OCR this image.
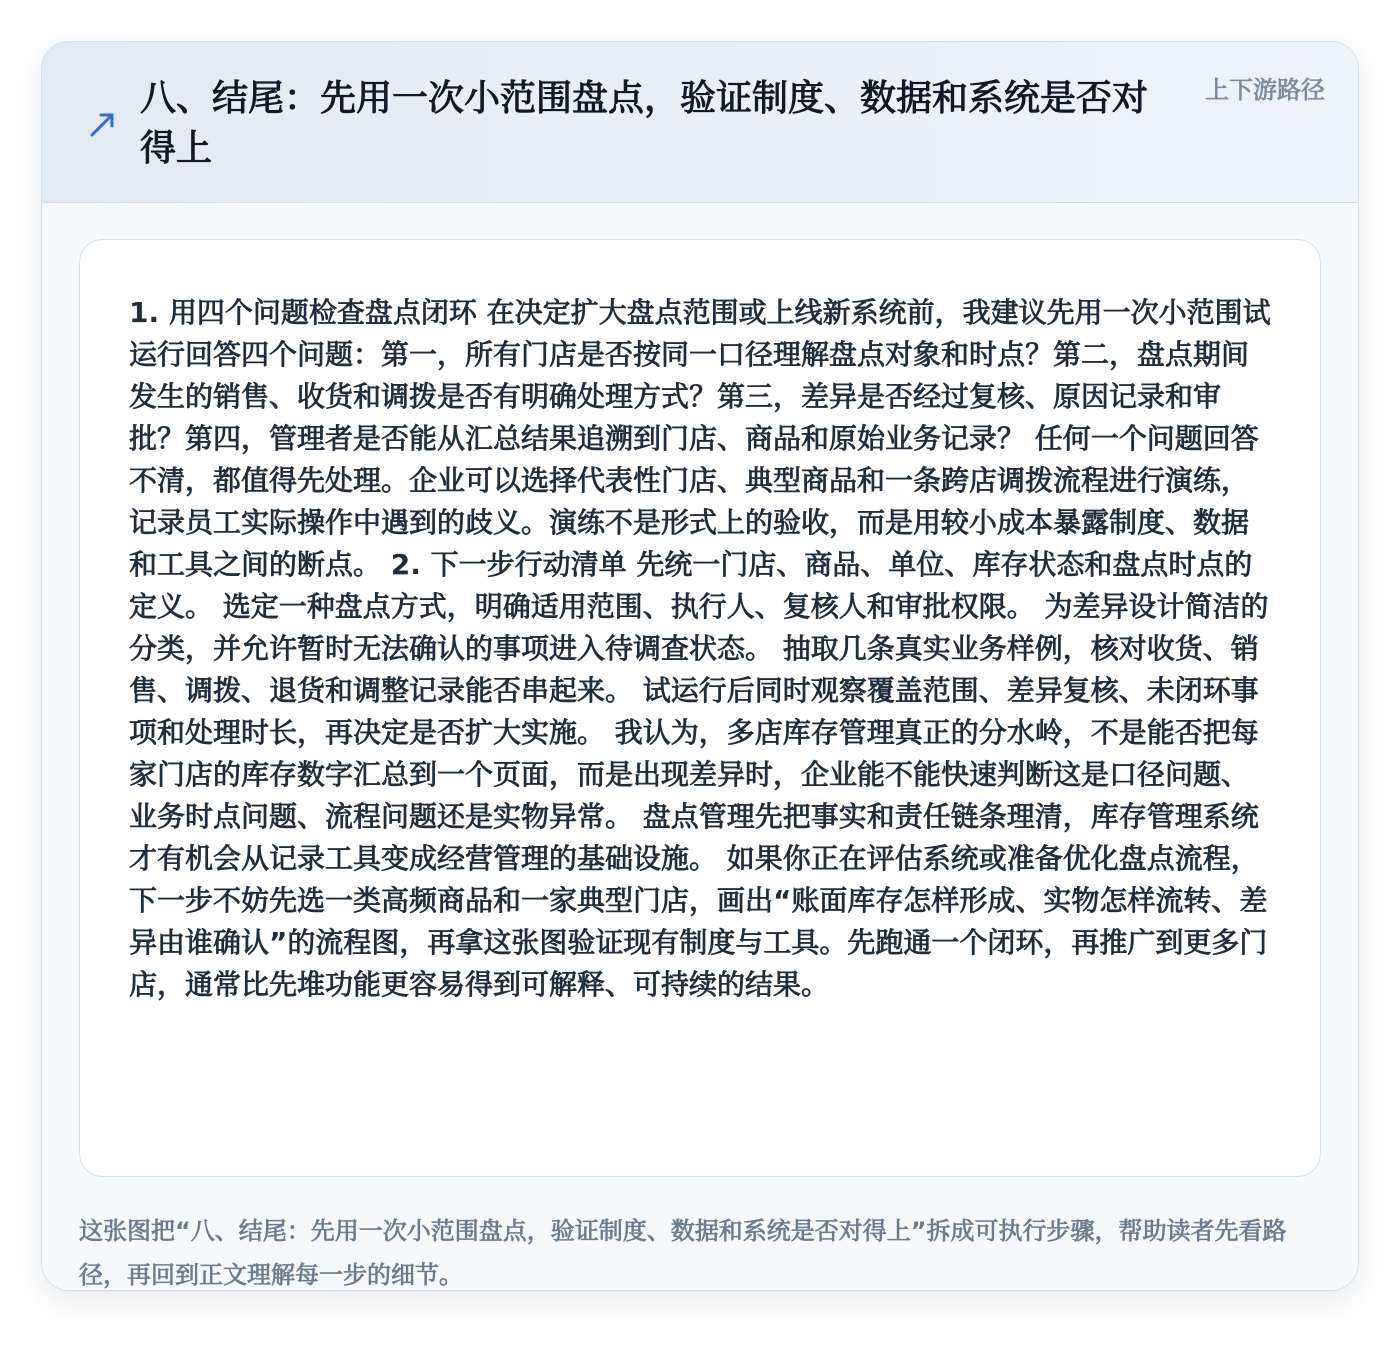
八、结尾：先用一次小范围盘点，验证制度、数据和系统是否对得上
上下游路径

1. 用四个问题检查盘点闭环 在决定扩大盘点范围或上线新系统前，我建议先用一次小范围试运行回答四个问题：第一，所有门店是否按同一口径理解盘点对象和时点？第二，盘点期间发生的销售、收货和调拨是否有明确处理方式？第三，差异是否经过复核、原因记录和审批？第四，管理者是否能从汇总结果追溯到门店、商品和原始业务记录？ 任何一个问题回答不清，都值得先处理。企业可以选择代表性门店、典型商品和一条跨店调拨流程进行演练，记录员工实际操作中遇到的歧义。演练不是形式上的验收，而是用较小成本暴露制度、数据和工具之间的断点。 2. 下一步行动清单 先统一门店、商品、单位、库存状态和盘点时点的定义。 选定一种盘点方式，明确适用范围、执行人、复核人和审批权限。 为差异设计简洁的分类，并允许暂时无法确认的事项进入待调查状态。 抽取几条真实业务样例，核对收货、销售、调拨、退货和调整记录能否串起来。 试运行后同时观察覆盖范围、差异复核、未闭环事项和处理时长，再决定是否扩大实施。 我认为，多店库存管理真正的分水岭，不是能否把每家门店的库存数字汇总到一个页面，而是出现差异时，企业能不能快速判断这是口径问题、业务时点问题、流程问题还是实物异常。 盘点管理先把事实和责任链条理清，库存管理系统才有机会从记录工具变成经营管理的基础设施。 如果你正在评估系统或准备优化盘点流程，下一步不妨先选一类高频商品和一家典型门店，画出“账面库存怎样形成、实物怎样流转、差异由谁确认”的流程图，再拿这张图验证现有制度与工具。先跑通一个闭环，再推广到更多门店，通常比先堆功能更容易得到可解释、可持续的结果。

这张图把“八、结尾：先用一次小范围盘点，验证制度、数据和系统是否对得上”拆成可执行步骤，帮助读者先看路径，再回到正文理解每一步的细节。
